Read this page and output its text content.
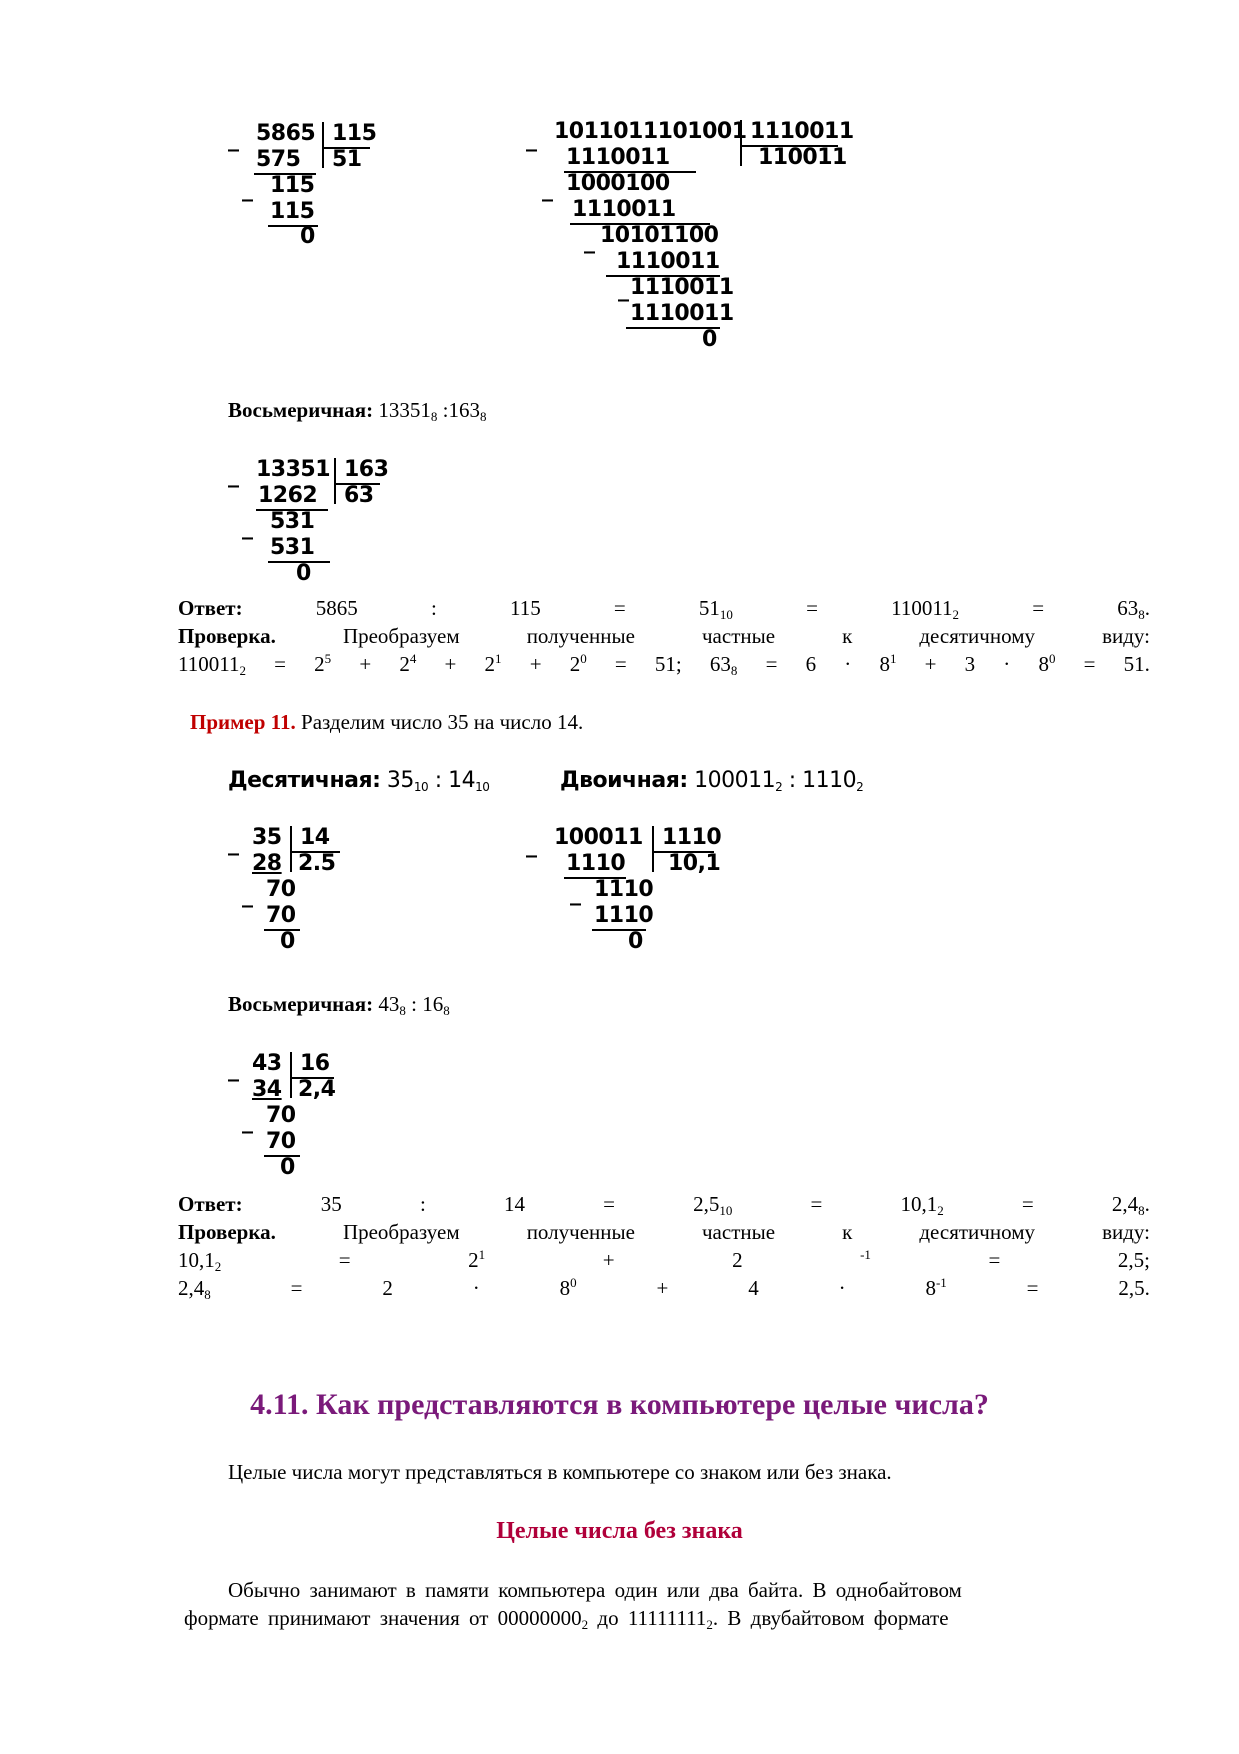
_ 5865 115
575 51
_ 115
115
0
_ 1011011101001 1110011
1110011	110011
_ 1000100
1110011
10101100
_
1110011
1110011
_
1110011
0
Восьмеричная: $13351_8$ $:163_8$
_ 13351 163
1262 63
_ 531
531
0
Ответ:	5865	:	115	=	$51_{10}$	=	$110011_2$	=	$63_8$.
Проверка.	Преобразуем	полученные	частные	к	десятичному	виду:
$110011_2 = 2^5 + 2^4 + 2^1 + 2^0 = 51$; $63_8 = 6 \cdot 8^1 + 3 \cdot 8^0 = 51$.
Пример 11. Разделим число 35 на число 14.
Десятичная: $35_{10}$ : $14_{10}$	Двоичная: $100011_2$ : $1110_2$
_ 35 14
28 2.5
_ 70
70
0
_ 100011 1110
1110 10,1
_ 1110
1110
0
Восьмеричная: $43_8$ : $16_8$
_ 43 16
34 2,4
_ 70
70
0
Ответ:	35	:	14	=	$2,5_{10}$	=	$10,1_2$	=	$2,4_8$.
Проверка.	Преобразуем	полученные	частные	к	десятичному	виду:
$10,1_2$	=	$2^1$	+	2	$^{-1}$	=	2,5;
$2,4_8$	=	2	·	$8^0$	+	4	·	$8^{-1}$	=	2,5.
4.11. Как представляются в компьютере целые числа?
Целые числа могут представляться в компьютере со знаком или без знака.
Целые числа без знака
Обычно занимают в памяти компьютера один или два байта. В однобайтовом
формате принимают значения от $00000000_2$ до $11111111_2$. В двубайтовом формате
